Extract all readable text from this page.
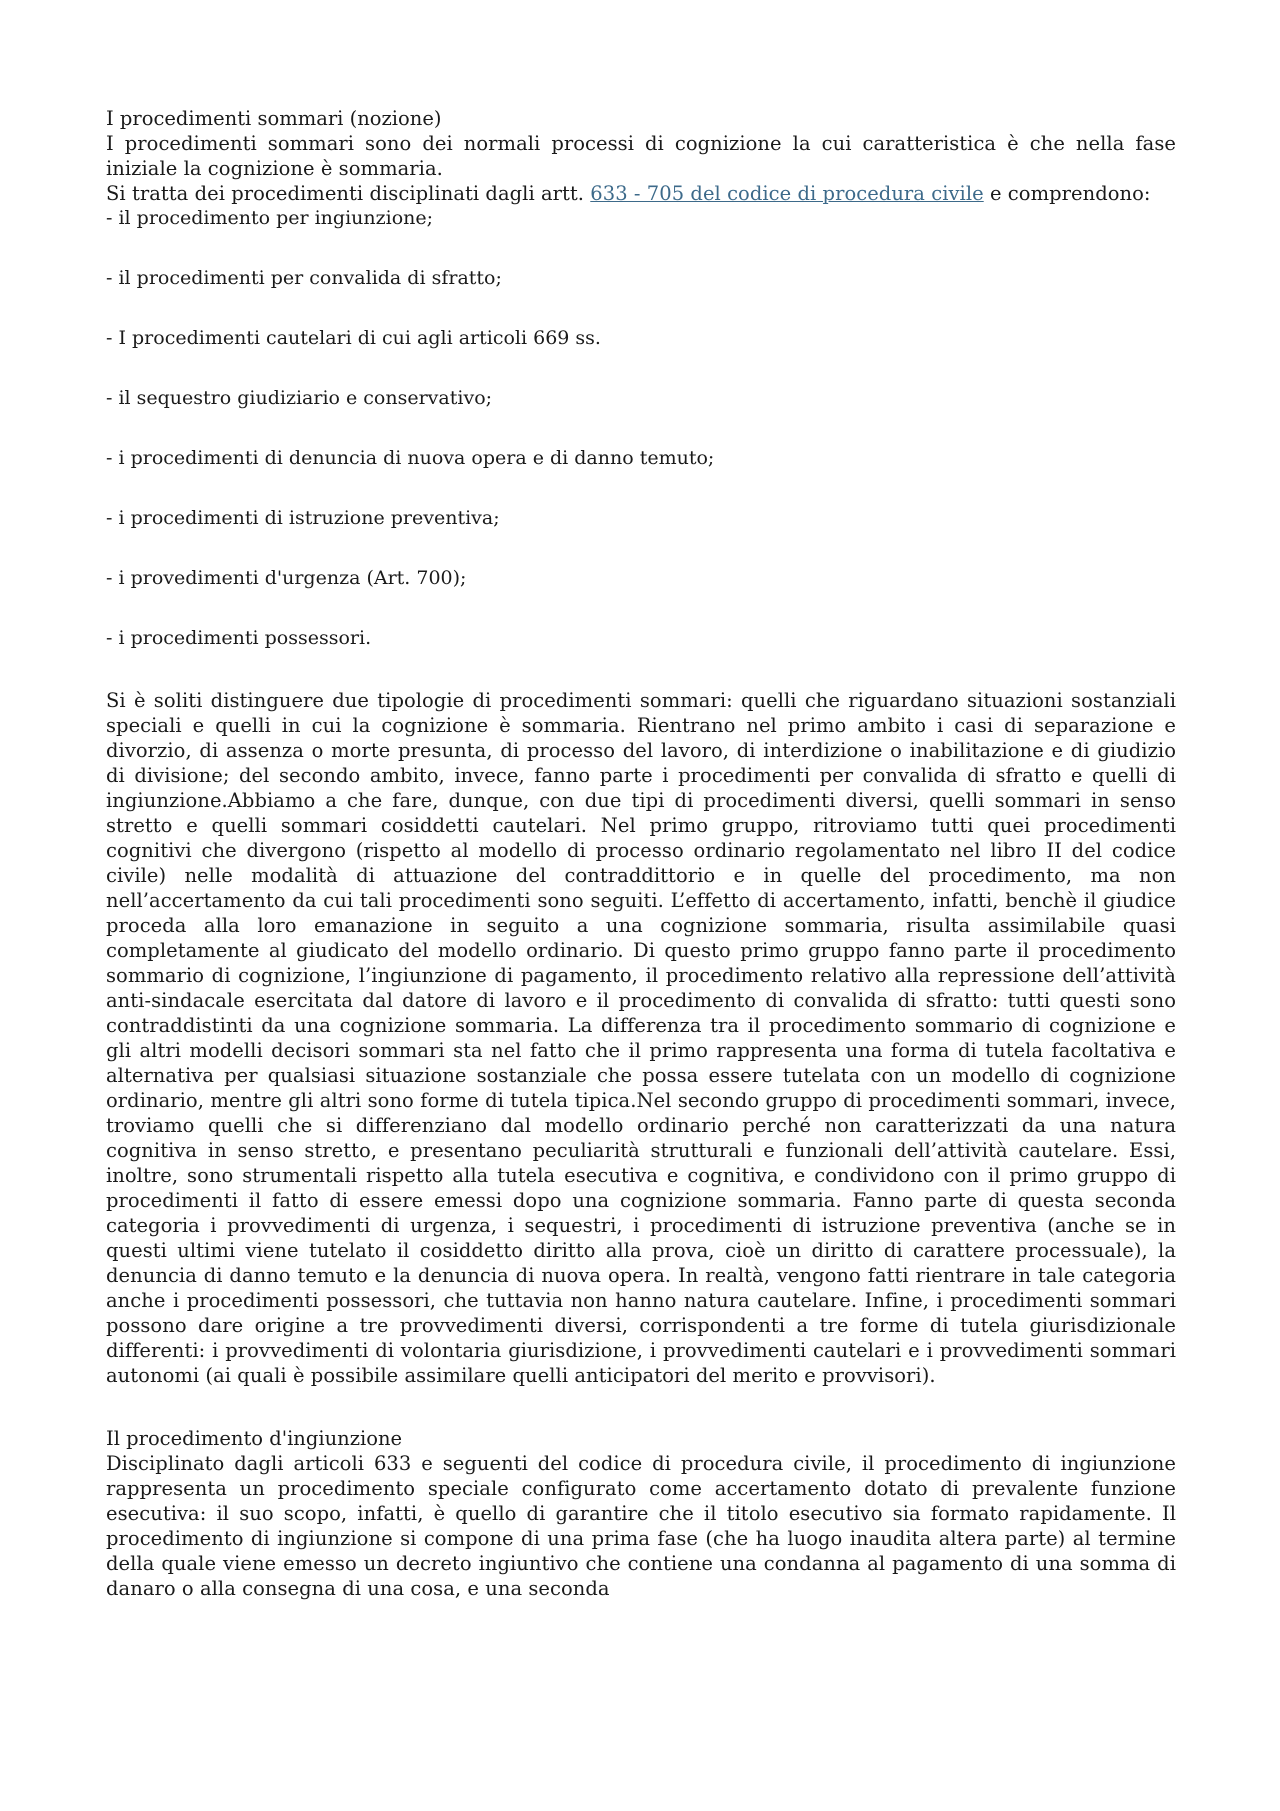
I procedimenti sommari (nozione)

I procedimenti sommari sono dei normali processi di cognizione la cui caratteristica è che nella fase iniziale la cognizione è sommaria.

Si tratta dei procedimenti disciplinati dagli artt. 633 - 705 del codice di procedura civile e comprendono:

- il procedimento per ingiunzione;
- il procedimenti per convalida di sfratto;
- I procedimenti cautelari di cui agli articoli 669 ss.
- il sequestro giudiziario e conservativo;
- i procedimenti di denuncia di nuova opera e di danno temuto;
- i procedimenti di istruzione preventiva;
- i provedimenti d'urgenza (Art. 700);
- i procedimenti possessori.

Si è soliti distinguere due tipologie di procedimenti sommari: quelli che riguardano situazioni sostanziali speciali e quelli in cui la cognizione è sommaria. Rientrano nel primo ambito i casi di separazione e divorzio, di assenza o morte presunta, di processo del lavoro, di interdizione o inabilitazione e di giudizio di divisione; del secondo ambito, invece, fanno parte i procedimenti per convalida di sfratto e quelli di ingiunzione.Abbiamo a che fare, dunque, con due tipi di procedimenti diversi, quelli sommari in senso stretto e quelli sommari cosiddetti cautelari. Nel primo gruppo, ritroviamo tutti quei procedimenti cognitivi che divergono (rispetto al modello di processo ordinario regolamentato nel libro II del codice civile) nelle modalità di attuazione del contraddittorio e in quelle del procedimento, ma non nell’accertamento da cui tali procedimenti sono seguiti. L’effetto di accertamento, infatti, benchè il giudice proceda alla loro emanazione in seguito a una cognizione sommaria, risulta assimilabile quasi completamente al giudicato del modello ordinario. Di questo primo gruppo fanno parte il procedimento sommario di cognizione, l’ingiunzione di pagamento, il procedimento relativo alla repressione dell’attività anti-sindacale esercitata dal datore di lavoro e il procedimento di convalida di sfratto: tutti questi sono contraddistinti da una cognizione sommaria. La differenza tra il procedimento sommario di cognizione e gli altri modelli decisori sommari sta nel fatto che il primo rappresenta una forma di tutela facoltativa e alternativa per qualsiasi situazione sostanziale che possa essere tutelata con un modello di cognizione ordinario, mentre gli altri sono forme di tutela tipica.Nel secondo gruppo di procedimenti sommari, invece, troviamo quelli che si differenziano dal modello ordinario perché non caratterizzati da una natura cognitiva in senso stretto, e presentano peculiarità strutturali e funzionali dell’attività cautelare. Essi, inoltre, sono strumentali rispetto alla tutela esecutiva e cognitiva, e condividono con il primo gruppo di procedimenti il fatto di essere emessi dopo una cognizione sommaria. Fanno parte di questa seconda categoria i provvedimenti di urgenza, i sequestri, i procedimenti di istruzione preventiva (anche se in questi ultimi viene tutelato il cosiddetto diritto alla prova, cioè un diritto di carattere processuale), la denuncia di danno temuto e la denuncia di nuova opera. In realtà, vengono fatti rientrare in tale categoria anche i procedimenti possessori, che tuttavia non hanno natura cautelare. Infine, i procedimenti sommari possono dare origine a tre provvedimenti diversi, corrispondenti a tre forme di tutela giurisdizionale differenti: i provvedimenti di volontaria giurisdizione, i provvedimenti cautelari e i provvedimenti sommari autonomi (ai quali è possibile assimilare quelli anticipatori del merito e provvisori).

Il procedimento d'ingiunzione

Disciplinato dagli articoli 633 e seguenti del codice di procedura civile, il procedimento di ingiunzione rappresenta un procedimento speciale configurato come accertamento dotato di prevalente funzione esecutiva: il suo scopo, infatti, è quello di garantire che il titolo esecutivo sia formato rapidamente. Il procedimento di ingiunzione si compone di una prima fase (che ha luogo inaudita altera parte) al termine della quale viene emesso un decreto ingiuntivo che contiene una condanna al pagamento di una somma di danaro o alla consegna di una cosa, e una seconda
